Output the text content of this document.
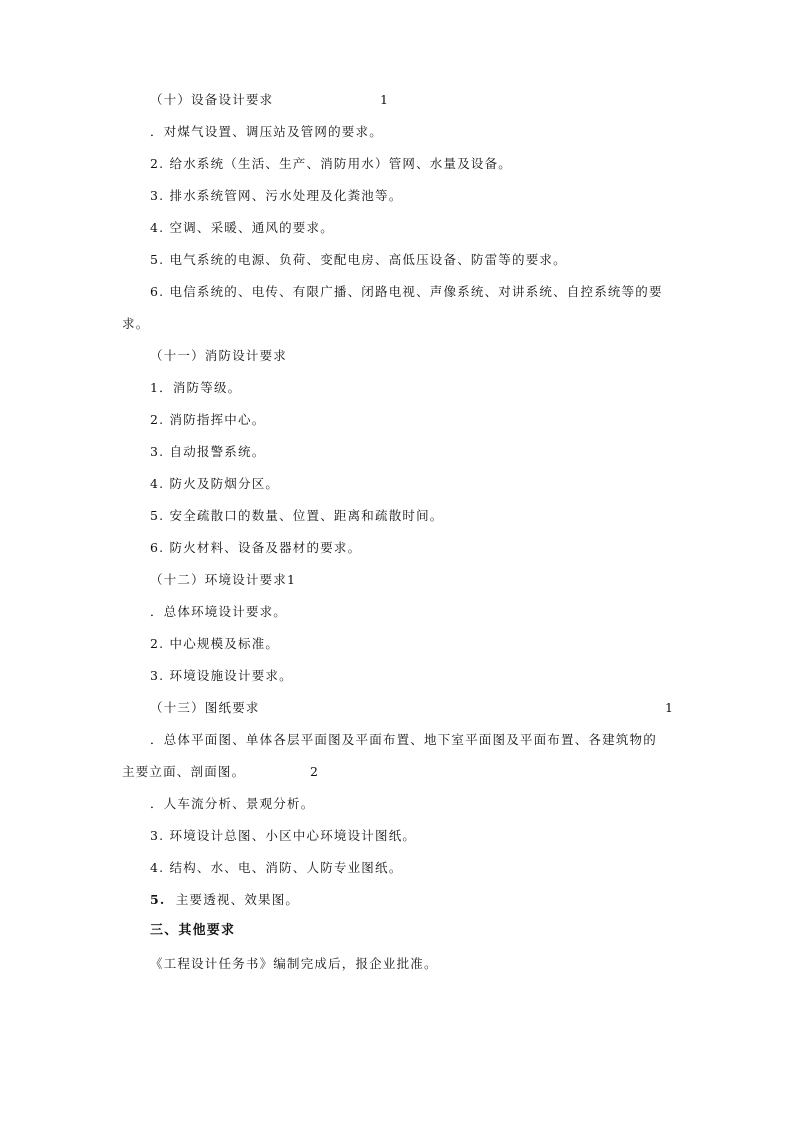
（十）设备设计要求	1
．对煤气设置、调压站及管网的要求。
2. 给水系统（生活、生产、消防用水）管网、水量及设备。
3. 排水系统管网、污水处理及化粪池等。
4. 空调、采暖、通风的要求。
5. 电气系统的电源、负荷、变配电房、高低压设备、防雷等的要求。
6. 电信系统的、电传、有限广播、闭路电视、声像系统、对讲系统、自控系统等的要
求。
（十一）消防设计要求
1．消防等级。
2. 消防指挥中心。
3. 自动报警系统。
4. 防火及防烟分区。
5. 安全疏散口的数量、位置、距离和疏散时间。
6. 防火材料、设备及器材的要求。
（十二）环境设计要求1
．总体环境设计要求。
2. 中心规模及标准。
3. 环境设施设计要求。
（十三）图纸要求	1
．总体平面图、单体各层平面图及平面布置、地下室平面图及平面布置、各建筑物的
主要立面、剖面图。	2
．人车流分析、景观分析。
3. 环境设计总图、小区中心环境设计图纸。
4. 结构、水、电、消防、人防专业图纸。
5. 主要透视、效果图。
三、其他要求
《工程设计任务书》编制完成后，报企业批准。
